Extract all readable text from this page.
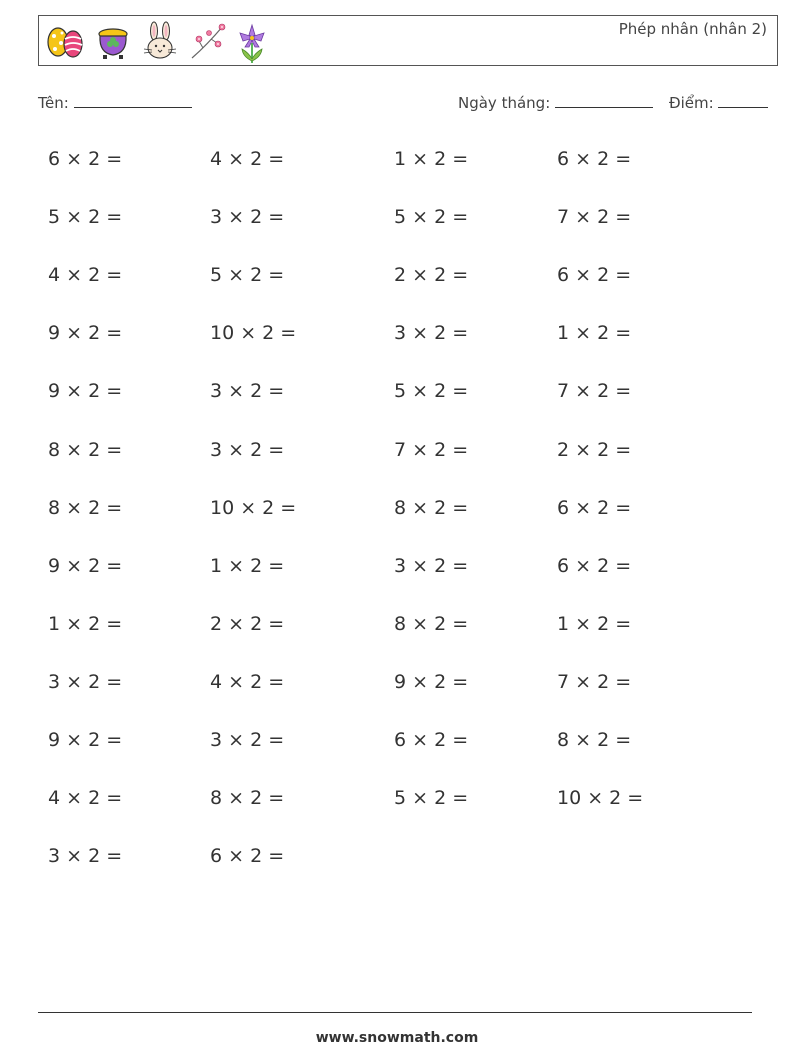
Phép nhân (nhân 2)
Tên:	Ngày tháng:	Điểm:
6 × 2 =	4 × 2 =	1 × 2 =	6 × 2 =
5 × 2 =	3 × 2 =	5 × 2 =	7 × 2 =
4 × 2 =	5 × 2 =	2 × 2 =	6 × 2 =
9 × 2 =	10 × 2 =	3 × 2 =	1 × 2 =
9 × 2 =	3 × 2 =	5 × 2 =	7 × 2 =
8 × 2 =	3 × 2 =	7 × 2 =	2 × 2 =
8 × 2 =	10 × 2 =	8 × 2 =	6 × 2 =
9 × 2 =	1 × 2 =	3 × 2 =	6 × 2 =
1 × 2 =	2 × 2 =	8 × 2 =	1 × 2 =
3 × 2 =	4 × 2 =	9 × 2 =	7 × 2 =
9 × 2 =	3 × 2 =	6 × 2 =	8 × 2 =
4 × 2 =	8 × 2 =	5 × 2 =	10 × 2 =
3 × 2 =	6 × 2 =
www.snowmath.com
